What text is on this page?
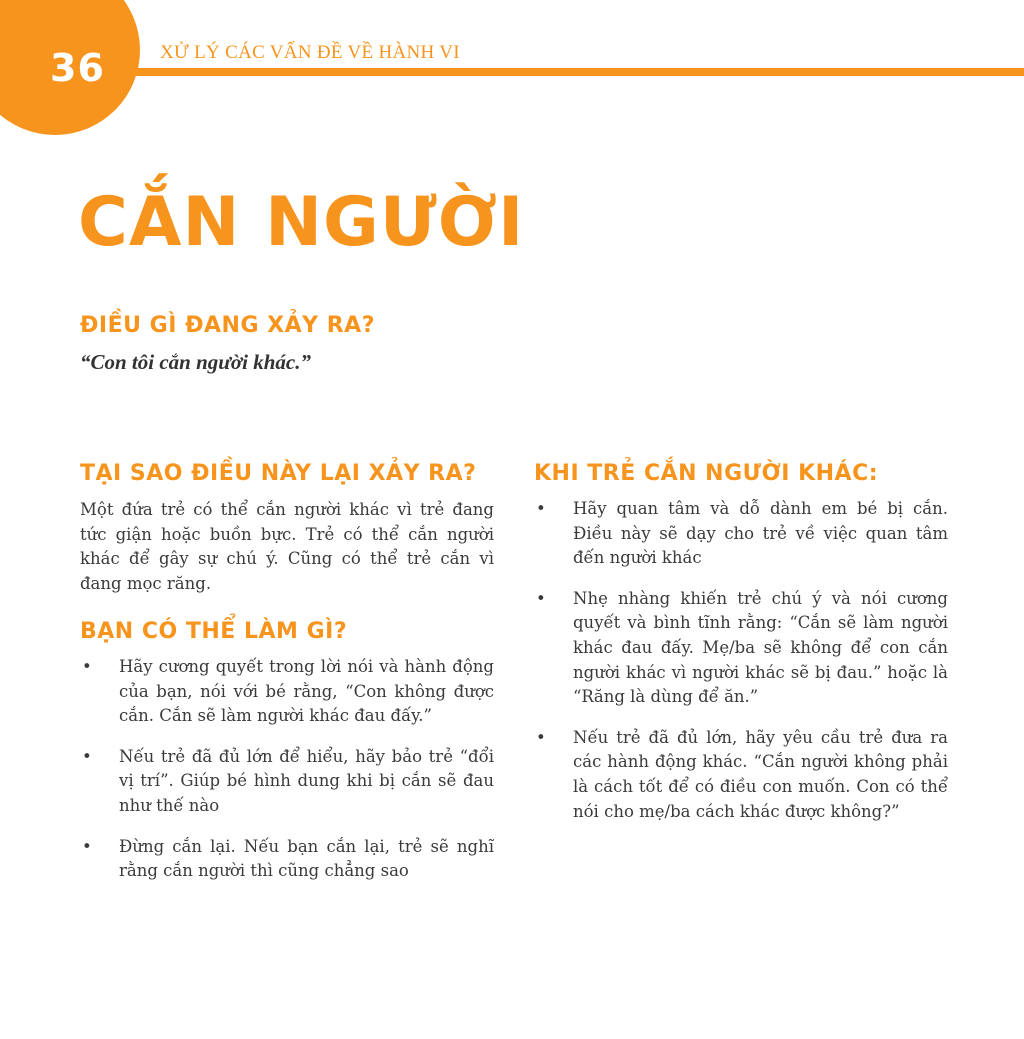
36	XỬ LÝ CÁC VẤN ĐỀ VỀ HÀNH VI
CẮN NGƯỜI
ĐIỀU GÌ ĐANG XẢY RA?

“Con tôi cắn người khác.”

TẠI SAO ĐIỀU NÀY LẠI XẢY RA?

Một đứa trẻ có thể cắn người khác vì trẻ đang tức giận hoặc buồn bực. Trẻ có thể cắn người khác để gây sự chú ý. Cũng có thể trẻ cắn vì đang mọc răng.

BẠN CÓ THỂ LÀM GÌ?
• Hãy cương quyết trong lời nói và hành động của bạn, nói với bé rằng, “Con không được cắn. Cắn sẽ làm người khác đau đấy.”
• Nếu trẻ đã đủ lớn để hiểu, hãy bảo trẻ “đổi vị trí”. Giúp bé hình dung khi bị cắn sẽ đau như thế nào
• Đừng cắn lại. Nếu bạn cắn lại, trẻ sẽ nghĩ rằng cắn người thì cũng chẳng sao
KHI TRẺ CẮN NGƯỜI KHÁC:
• Hãy quan tâm và dỗ dành em bé bị cắn. Điều này sẽ dạy cho trẻ về việc quan tâm đến người khác
• Nhẹ nhàng khiến trẻ chú ý và nói cương quyết và bình tĩnh rằng: “Cắn sẽ làm người khác đau đấy. Mẹ/ba sẽ không để con cắn người khác vì người khác sẽ bị đau.” hoặc là “Răng là dùng để ăn.”
• Nếu trẻ đã đủ lớn, hãy yêu cầu trẻ đưa ra các hành động khác. “Cắn người không phải là cách tốt để có điều con muốn. Con có thể nói cho mẹ/ba cách khác được không?”
